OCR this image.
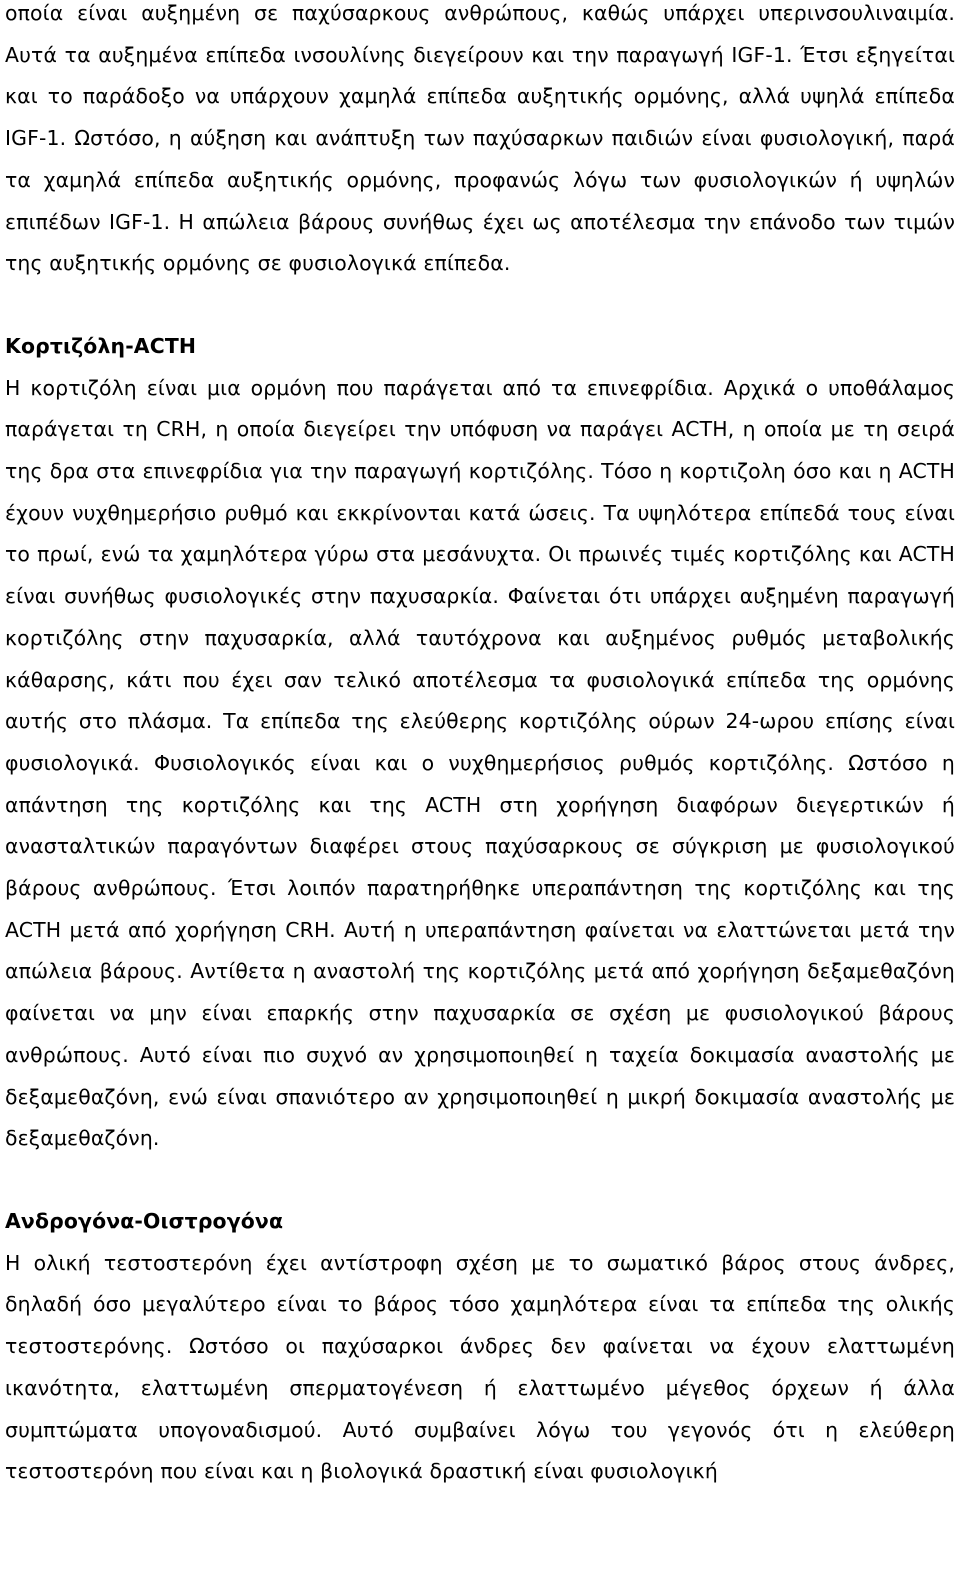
οποία είναι αυξημένη σε παχύσαρκους ανθρώπους, καθώς υπάρχει υπερινσουλιναιμία. Αυτά τα αυξημένα επίπεδα ινσουλίνης διεγείρουν και την παραγωγή IGF-1. Έτσι εξηγείται και το παράδοξο να υπάρχουν χαμηλά επίπεδα αυξητικής ορμόνης, αλλά υψηλά επίπεδα IGF-1. Ωστόσο, η αύξηση και ανάπτυξη των παχύσαρκων παιδιών είναι φυσιολογική, παρά τα χαμηλά επίπεδα αυξητικής ορμόνης, προφανώς λόγω των φυσιολογικών ή υψηλών επιπέδων IGF-1. Η απώλεια βάρους συνήθως έχει ως αποτέλεσμα την επάνοδο των τιμών της αυξητικής ορμόνης σε φυσιολογικά επίπεδα.

Κορτιζόλη-ACTH

Η κορτιζόλη είναι μια ορμόνη που παράγεται από τα επινεφρίδια. Αρχικά ο υποθάλαμος παράγεται τη CRH, η οποία διεγείρει την υπόφυση να παράγει ACTH, η οποία με τη σειρά της δρα στα επινεφρίδια για την παραγωγή κορτιζόλης. Τόσο η κορτιζολη όσο και η ACTH έχουν νυχθημερήσιο ρυθμό και εκκρίνονται κατά ώσεις. Τα υψηλότερα επίπεδά τους είναι το πρωί, ενώ τα χαμηλότερα γύρω στα μεσάνυχτα. Οι πρωινές τιμές κορτιζόλης και ACTH είναι συνήθως φυσιολογικές στην παχυσαρκία. Φαίνεται ότι υπάρχει αυξημένη παραγωγή κορτιζόλης στην παχυσαρκία, αλλά ταυτόχρονα και αυξημένος ρυθμός μεταβολικής κάθαρσης, κάτι που έχει σαν τελικό αποτέλεσμα τα φυσιολογικά επίπεδα της ορμόνης αυτής στο πλάσμα. Τα επίπεδα της ελεύθερης κορτιζόλης ούρων 24-ωρου επίσης είναι φυσιολογικά. Φυσιολογικός είναι και ο νυχθημερήσιος ρυθμός κορτιζόλης. Ωστόσο η απάντηση της κορτιζόλης και της ACTH στη χορήγηση διαφόρων διεγερτικών ή ανασταλτικών παραγόντων διαφέρει στους παχύσαρκους σε σύγκριση με φυσιολογικού βάρους ανθρώπους. Έτσι λοιπόν παρατηρήθηκε υπεραπάντηση της κορτιζόλης και της ACTH μετά από χορήγηση CRH. Αυτή η υπεραπάντηση φαίνεται να ελαττώνεται μετά την απώλεια βάρους. Αντίθετα η αναστολή της κορτιζόλης μετά από χορήγηση δεξαμεθαζόνη φαίνεται να μην είναι επαρκής στην παχυσαρκία σε σχέση με φυσιολογικού βάρους ανθρώπους. Αυτό είναι πιο συχνό αν χρησιμοποιηθεί η ταχεία δοκιμασία αναστολής με δεξαμεθαζόνη, ενώ είναι σπανιότερο αν χρησιμοποιηθεί η μικρή δοκιμασία αναστολής με δεξαμεθαζόνη.

Ανδρογόνα-Οιστρογόνα

Η ολική τεστοστερόνη έχει αντίστροφη σχέση με το σωματικό βάρος στους άνδρες, δηλαδή όσο μεγαλύτερο είναι το βάρος τόσο χαμηλότερα είναι τα επίπεδα της ολικής τεστοστερόνης. Ωστόσο οι παχύσαρκοι άνδρες δεν φαίνεται να έχουν ελαττωμένη ικανότητα, ελαττωμένη σπερματογένεση ή ελαττωμένο μέγεθος όρχεων ή άλλα συμπτώματα υπογοναδισμού. Αυτό συμβαίνει λόγω του γεγονός ότι η ελεύθερη τεστοστερόνη που είναι και η βιολογικά δραστική είναι φυσιολογική
